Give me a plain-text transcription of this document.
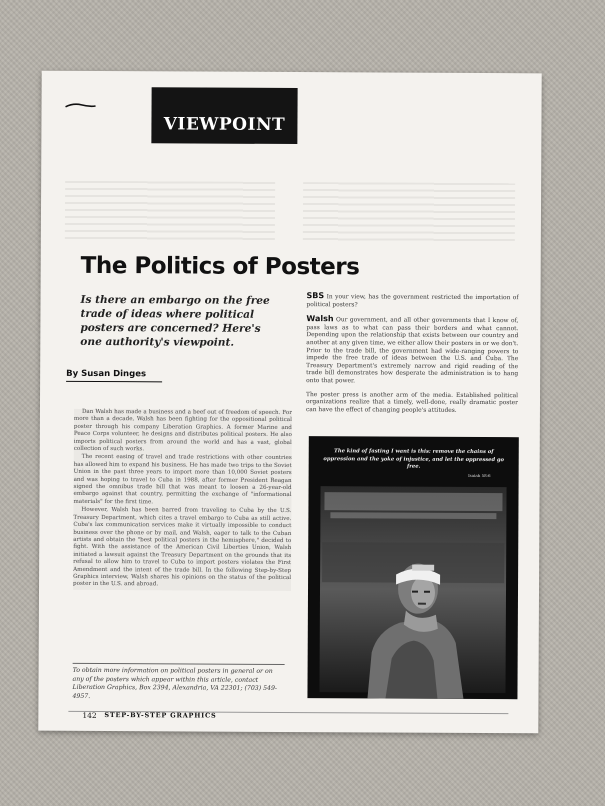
VIEWPOINT
The Politics of Posters
Is there an embargo on the free trade of ideas where political posters are concerned? Here's one authority's viewpoint.
By Susan Dinges

Dan Walsh has made a business and a beef out of freedom of speech. For more than a decade, Walsh has been fighting for the oppositional political poster through his company Liberation Graphics. A former Marine and Peace Corps volunteer, he designs and distributes political posters. He also imports political posters from around the world and has a vast, global collection of such works.

The recent easing of travel and trade restrictions with other countries has allowed him to expand his business. He has made two trips to the Soviet Union in the past three years to import more than 10,000 Soviet posters and was hoping to travel to Cuba in 1988, after former President Reagan signed the omnibus trade bill that was meant to loosen a 26-year-old embargo against that country, permitting the exchange of "informational materials" for the first time.

However, Walsh has been barred from traveling to Cuba by the U.S. Treasury Department, which cites a travel embargo to Cuba as still active. Cuba's lax communication services make it virtually impossible to conduct business over the phone or by mail, and Walsh, eager to talk to the Cuban artists and obtain the "best political posters in the hemisphere," decided to fight. With the assistance of the American Civil Liberties Union, Walsh initiated a lawsuit against the Treasury Department on the grounds that its refusal to allow him to travel to Cuba to import posters violates the First Amendment and the intent of the trade bill. In the following Step-by-Step Graphics interview, Walsh shares his opinions on the status of the political poster in the U.S. and abroad.

To obtain more information on political posters in general or on any of the posters which appear within this article, contact Liberation Graphics, Box 2394, Alexandria, VA 22301; (703) 549-4957.

SBS In your view, has the government restricted the importation of political posters?

Walsh Our government, and all other governments that I know of, pass laws as to what can pass their borders and what cannot. Depending upon the relationship that exists between our country and another at any given time, we either allow their posters in or we don't. Prior to the trade bill, the government had wide-ranging powers to impede the free trade of ideas between the U.S. and Cuba. The Treasury Department's extremely narrow and rigid reading of the trade bill demonstrates how desperate the administration is to hang onto that power.

The poster press is another arm of the media. Established political organizations realize that a timely, well-done, really dramatic poster can have the effect of changing people's attitudes.

The kind of fasting I want is this: remove the chains of oppression and the yoke of injustice, and let the oppressed go free.
Isaiah 58:6
142 STEP-BY-STEP GRAPHICS
